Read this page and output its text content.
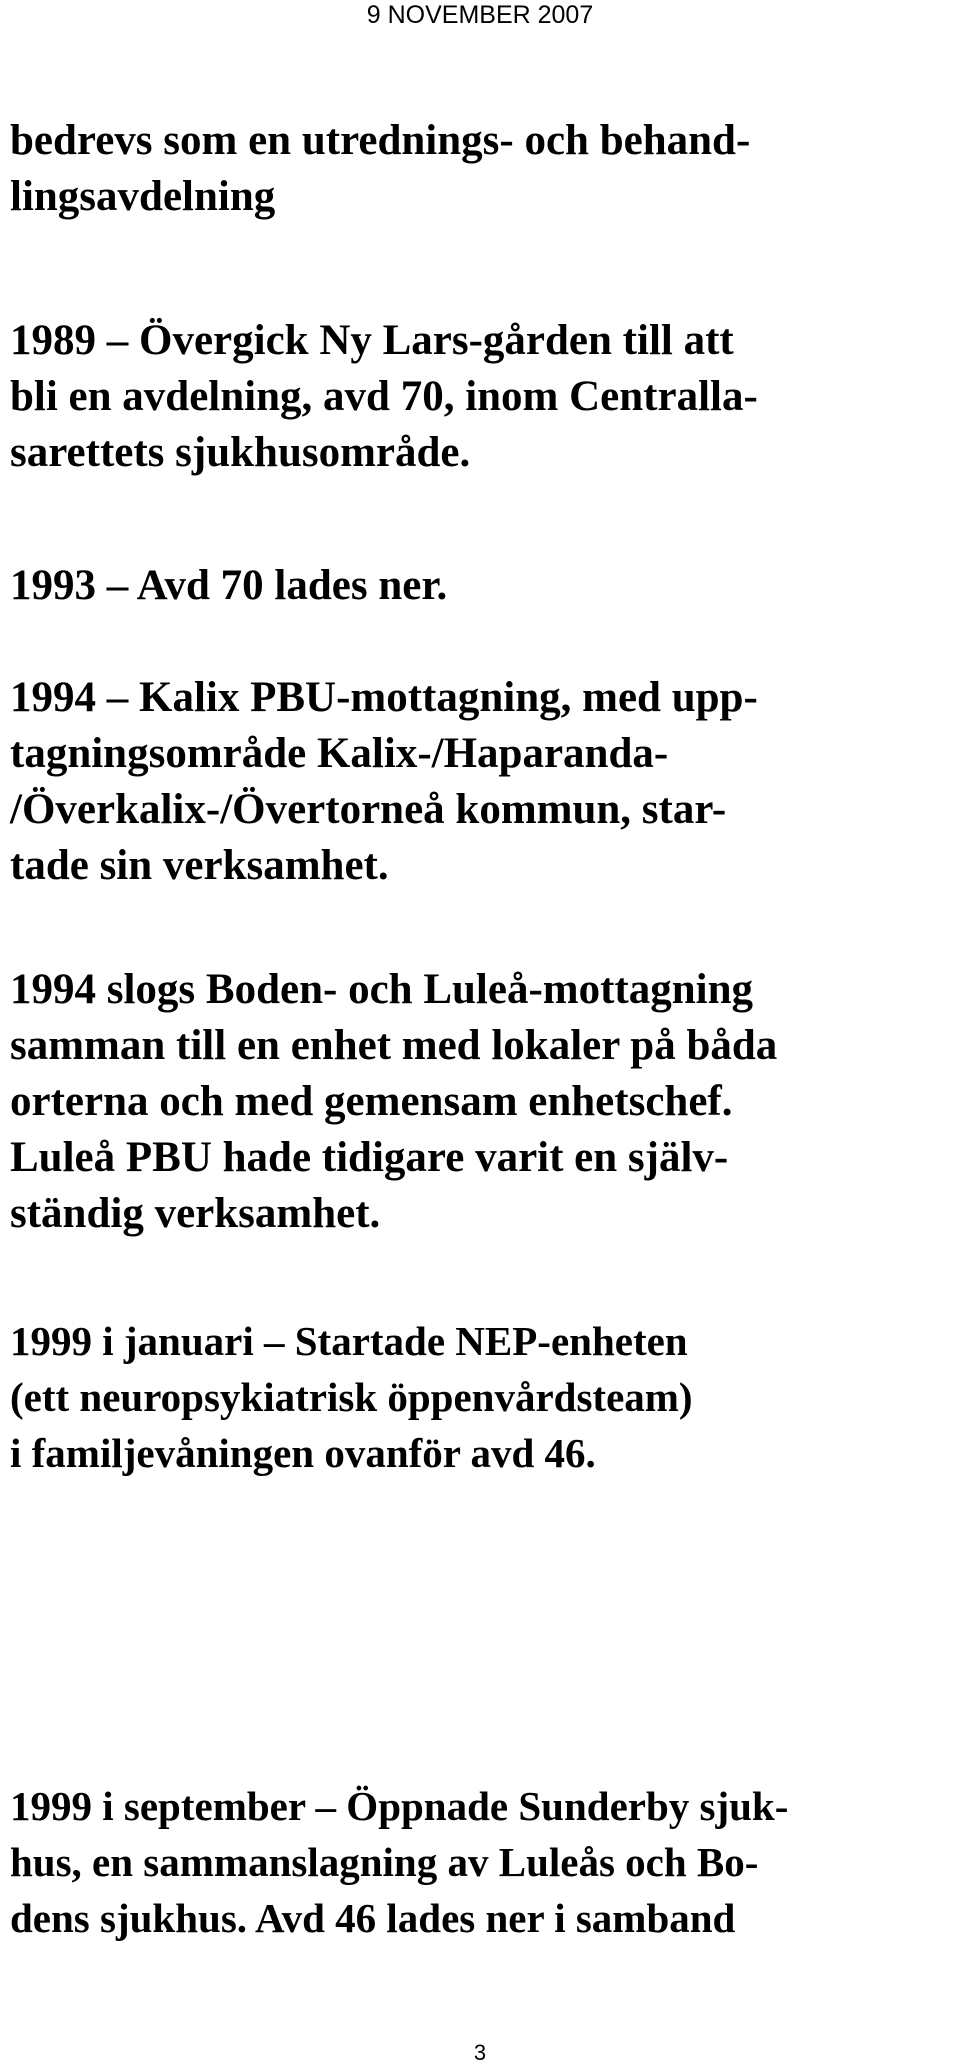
9 NOVEMBER 2007
bedrevs som en utrednings- och behand-
lingsavdelning
1989 – Övergick Ny Lars-gården till att
bli en avdelning, avd 70, inom Centralla-
sarettets sjukhusområde.
1993 – Avd 70 lades ner.
1994 – Kalix PBU-mottagning, med upp-
tagningsområde Kalix-/Haparanda-
/Överkalix-/Övertorneå kommun, star-
tade sin verksamhet.
1994 slogs Boden- och Luleå-mottagning
samman till en enhet med lokaler på båda
orterna och med gemensam enhetschef.
Luleå PBU hade tidigare varit en själv-
ständig verksamhet.
1999 i januari – Startade NEP-enheten
(ett neuropsykiatrisk öppenvårdsteam)
i familjevåningen ovanför avd 46.
1999 i september – Öppnade Sunderby sjuk-
hus, en sammanslagning av Luleås och Bo-
dens sjukhus. Avd 46 lades ner i samband
3
